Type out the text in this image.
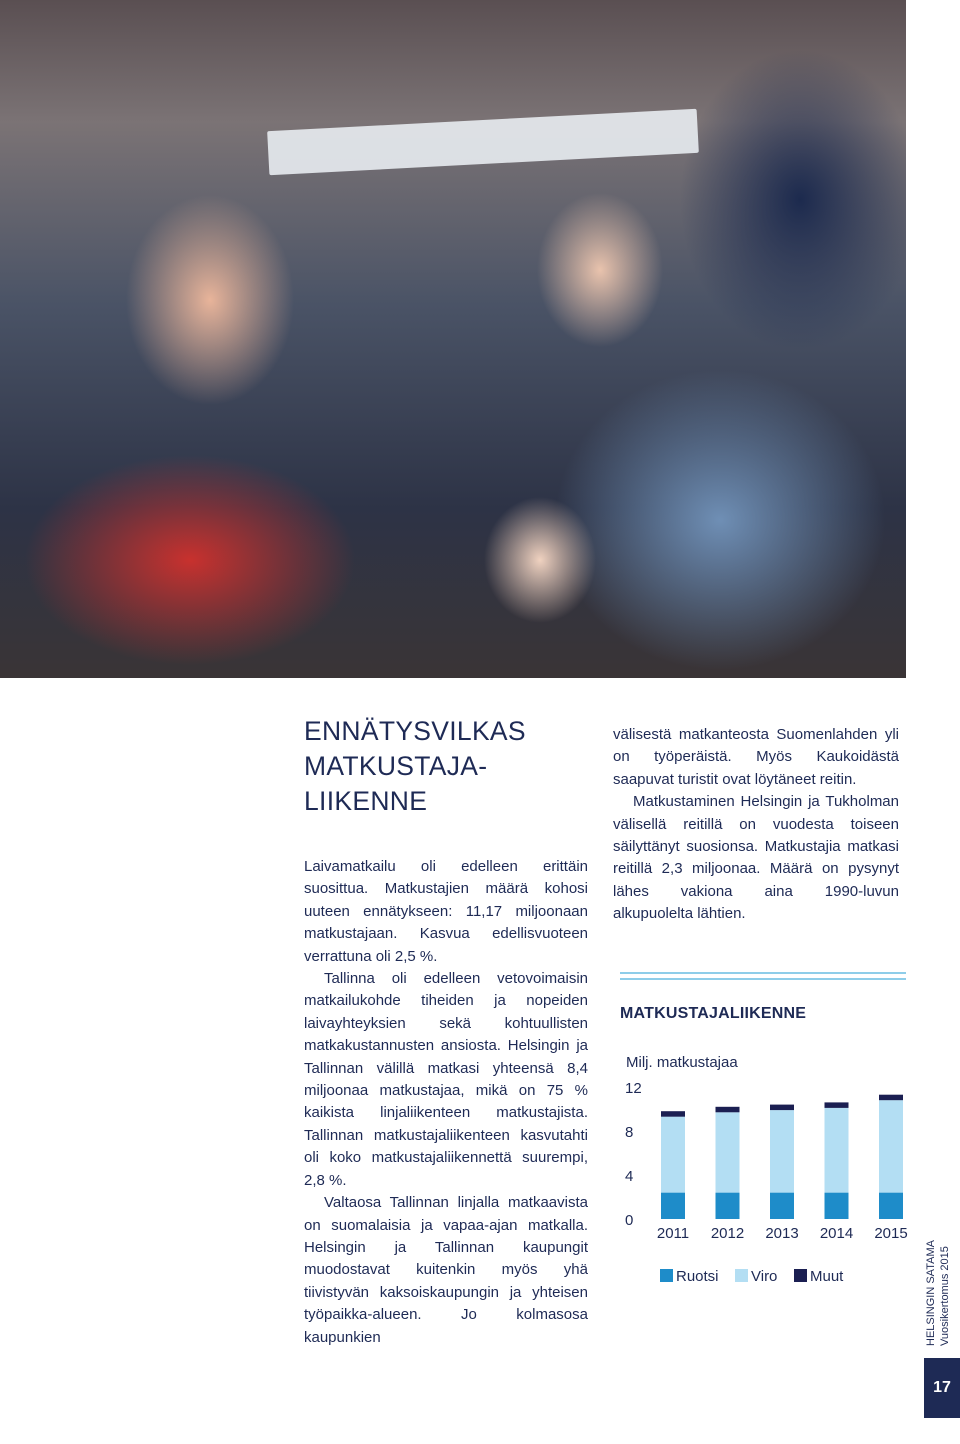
ENNÄTYSVILKAS
MATKUSTAJA-
LIIKENNE

Laivamatkailu oli edelleen erittäin suosittua. Matkustajien määrä kohosi uuteen ennätykseen: 11,17 miljoonaan matkustajaan. Kasvua edellisvuoteen verrattuna oli 2,5 %.

Tallinna oli edelleen vetovoimaisin matkailukohde tiheiden ja nopeiden laivayhteyksien sekä kohtuullisten matkakustannusten ansiosta. Helsingin ja Tallinnan välillä matkasi yhteensä 8,4 miljoonaa matkustajaa, mikä on 75 % kaikista linjaliikenteen matkustajista. Tallinnan matkustajaliikenteen kasvutahti oli koko matkustajaliikennettä suurempi, 2,8 %.

Valtaosa Tallinnan linjalla matkaavista on suomalaisia ja vapaa-ajan matkalla. Helsingin ja Tallinnan kaupungit muodostavat kuitenkin myös yhä tiivistyvän kaksoiskaupungin ja yhteisen työpaikka-alueen. Jo kolmasosa kaupunkien

välisestä matkanteosta Suomenlahden yli on työperäistä. Myös Kaukoidästä saapuvat turistit ovat löytäneet reitin.

Matkustaminen Helsingin ja Tukholman välisellä reitillä on vuodesta toiseen säilyttänyt suosionsa. Matkustajia matkasi reitillä 2,3 miljoonaa. Määrä on pysynyt lähes vakiona aina 1990-luvun alkupuolelta lähtien.

MATKUSTAJALIIKENNE
Milj. matkustajaa
0
4
8
12
2011 2012 2013 2014 2015
Ruotsi Viro Muut	HELSINGIN SATAMA Vuosikertomus 2015
17
